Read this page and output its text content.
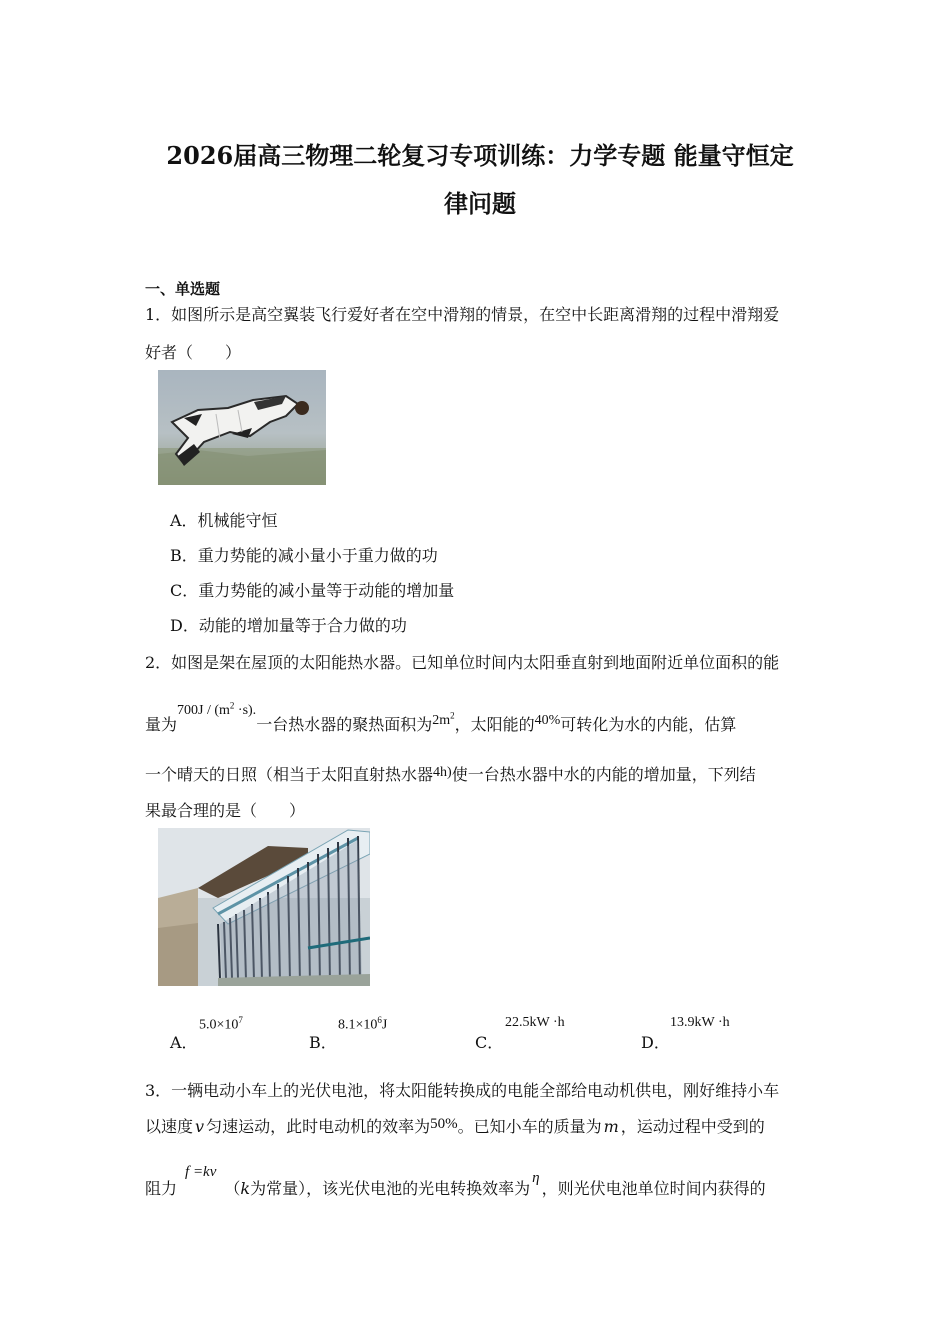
2026届高三物理二轮复习专项训练：力学专题 能量守恒定
律问题
一、单选题
1．如图所示是高空翼装飞行爱好者在空中滑翔的情景，在空中长距离滑翔的过程中滑翔爱
好者（　　）
A．机械能守恒
B．重力势能的减小量小于重力做的功
C．重力势能的减小量等于动能的增加量
D．动能的增加量等于合力做的功
2．如图是架在屋顶的太阳能热水器。已知单位时间内太阳垂直射到地面附近单位面积的能
量为$700J / (m^2 \cdot s)$.一台热水器的聚热面积为$2m^2$，太阳能的40%可转化为水的内能，估算
一个晴天的日照（相当于太阳直射热水器4h)使一台热水器中水的内能的增加量，下列结
果最合理的是（　　）
A．
$5.0\times 10^7$
B．
$8.1\times 10^6J$
C．
22.5kW ·h
D．
13.9kW ·h
3．一辆电动小车上的光伏电池，将太阳能转换成的电能全部给电动机供电，刚好维持小车
以速度 v 匀速运动，此时电动机的效率为50%。已知小车的质量为 m ，运动过程中受到的
阻力f =kv（k为常量），该光伏电池的光电转换效率为η，则光伏电池单位时间内获得的
